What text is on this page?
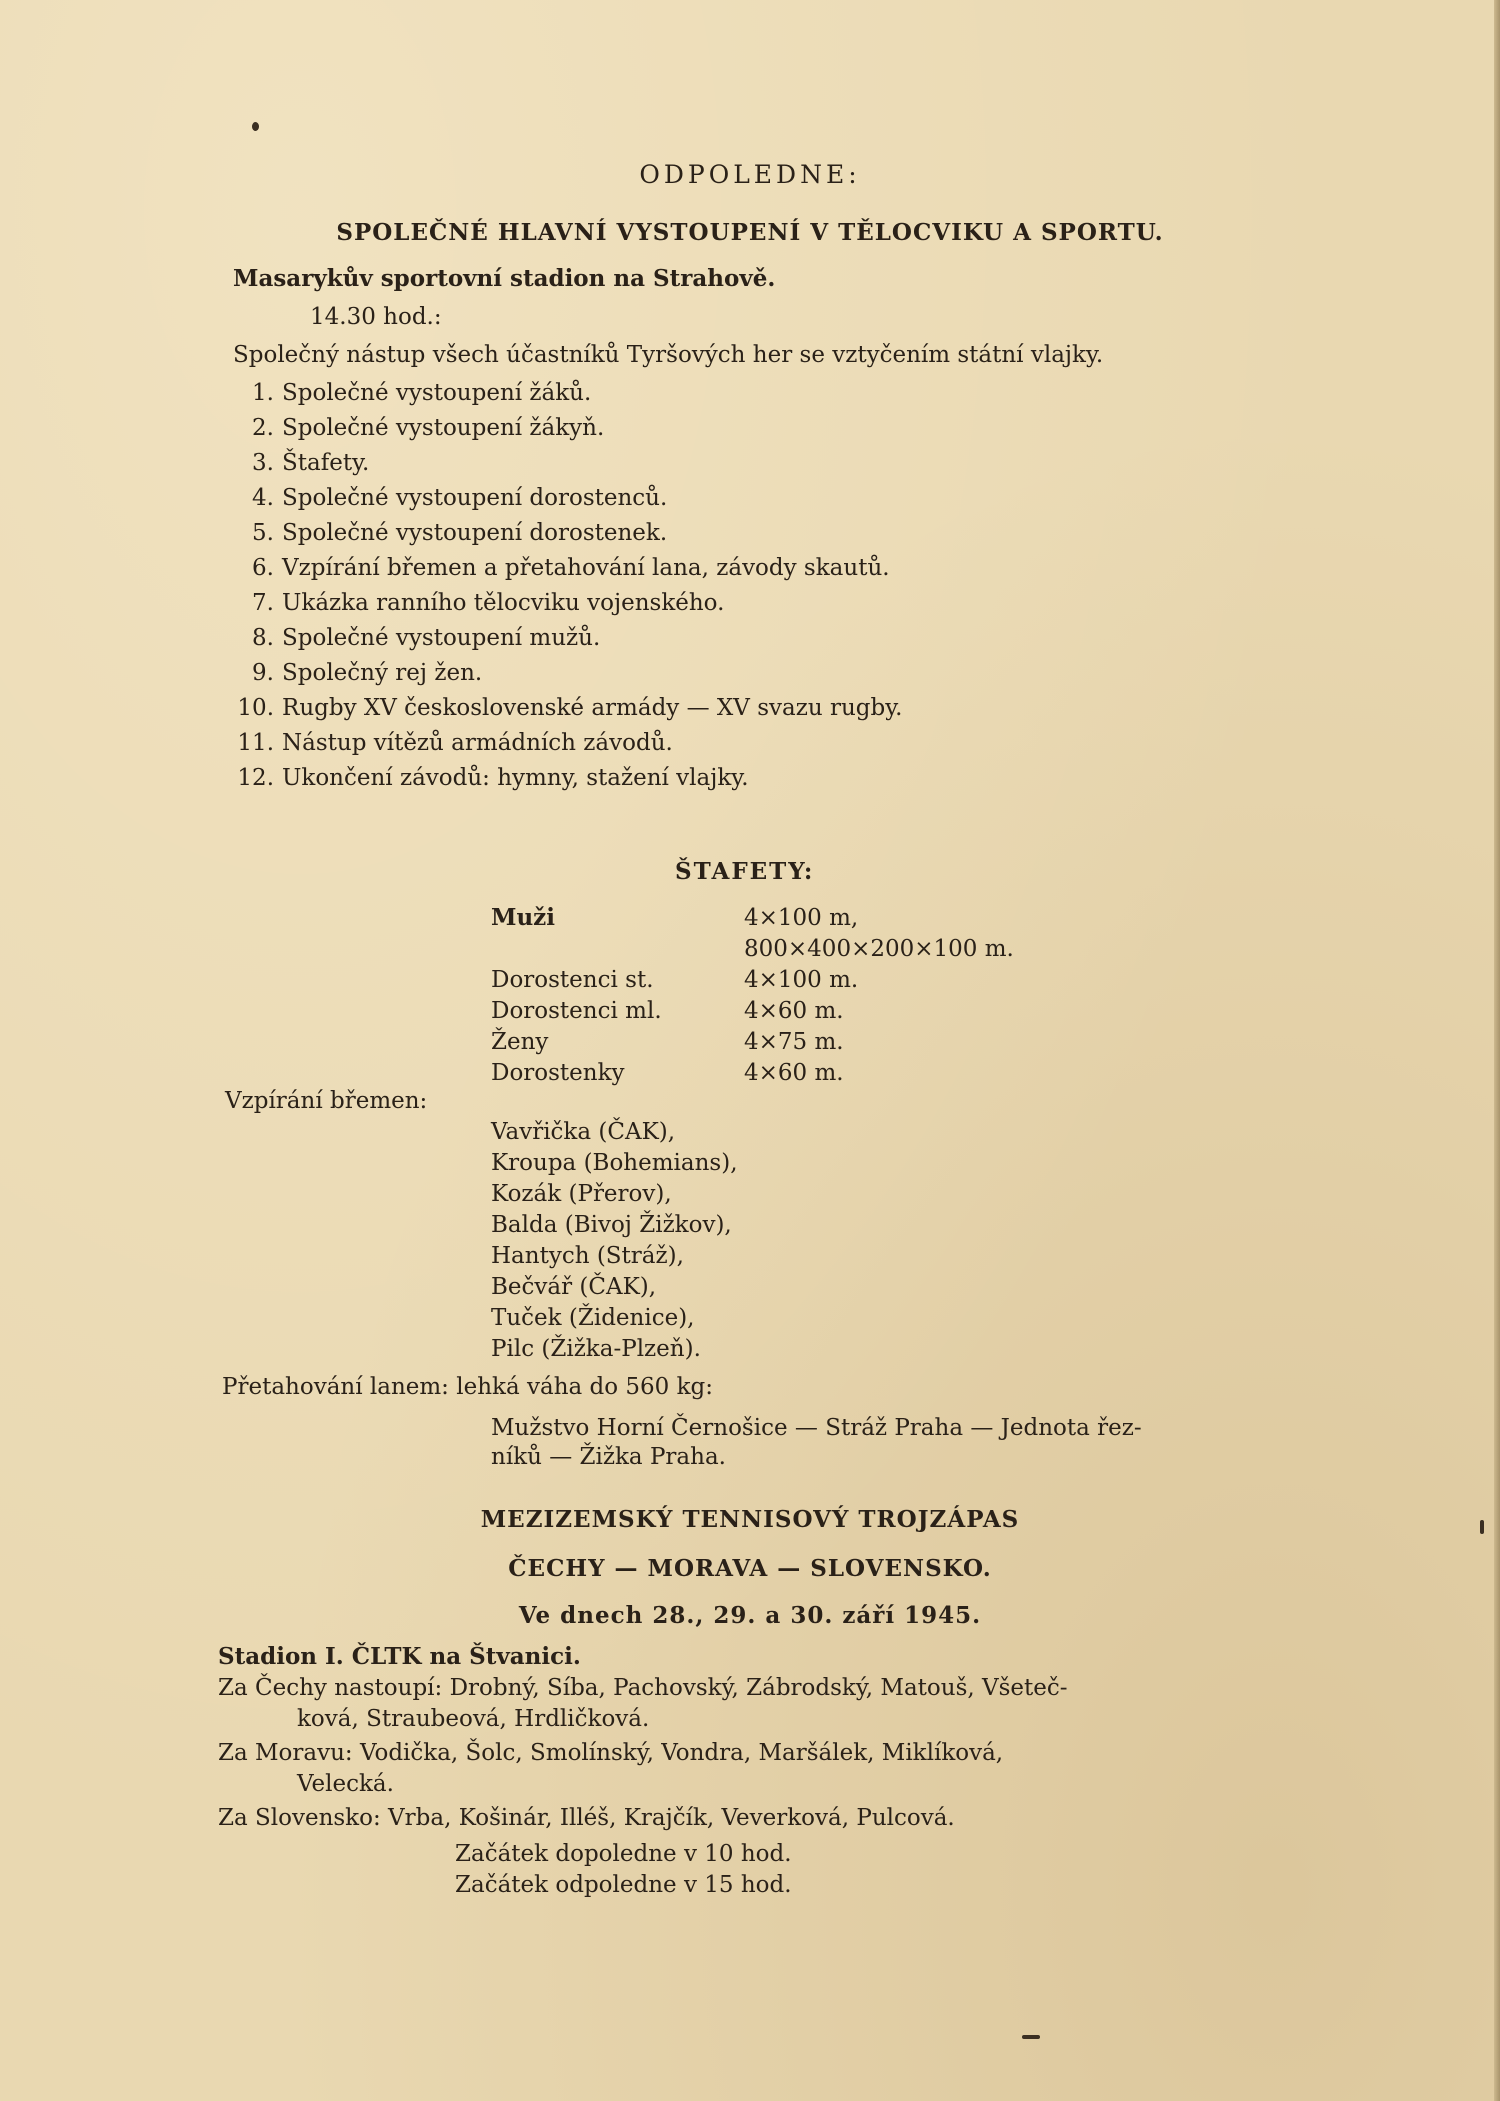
ODPOLEDNE:
SPOLEČNÉ HLAVNÍ VYSTOUPENÍ V TĚLOCVIKU A SPORTU.
Masarykův sportovní stadion na Strahově.
14.30 hod.:
Společný nástup všech účastníků Tyršových her se vztyčením státní vlajky.
1. Společné vystoupení žáků.
2. Společné vystoupení žákyň.
3. Štafety.
4. Společné vystoupení dorostenců.
5. Společné vystoupení dorostenek.
6. Vzpírání břemen a přetahování lana, závody skautů.
7. Ukázka ranního tělocviku vojenského.
8. Společné vystoupení mužů.
9. Společný rej žen.
10. Rugby XV československé armády — XV svazu rugby.
11. Nástup vítězů armádních závodů.
12. Ukončení závodů: hymny, stažení vlajky.
ŠTAFETY:
Muži	4×100 m,
800×400×200×100 m.
Dorostenci st.	4×100 m.
Dorostenci ml.	4×60 m.
Ženy	4×75 m.
Dorostenky	4×60 m.
Vzpírání břemen:
Vavřička (ČAK),
Kroupa (Bohemians),
Kozák (Přerov),
Balda (Bivoj Žižkov),
Hantych (Stráž),
Bečvář (ČAK),
Tuček (Židenice),
Pilc (Žižka-Plzeň).
Přetahování lanem: lehká váha do 560 kg:
Mužstvo Horní Černošice — Stráž Praha — Jednota řez-
níků — Žižka Praha.
MEZIZEMSKÝ TENNISOVÝ TROJZÁPAS
ČECHY — MORAVA — SLOVENSKO.
Ve dnech 28., 29. a 30. září 1945.
Stadion I. ČLTK na Štvanici.
Za Čechy nastoupí: Drobný, Síba, Pachovský, Zábrodský, Matouš, Všeteč-
ková, Straubeová, Hrdličková.
Za Moravu: Vodička, Šolc, Smolínský, Vondra, Maršálek, Miklíková,
Velecká.
Za Slovensko: Vrba, Košinár, Illéš, Krajčík, Veverková, Pulcová.
Začátek dopoledne v 10 hod.
Začátek odpoledne v 15 hod.
